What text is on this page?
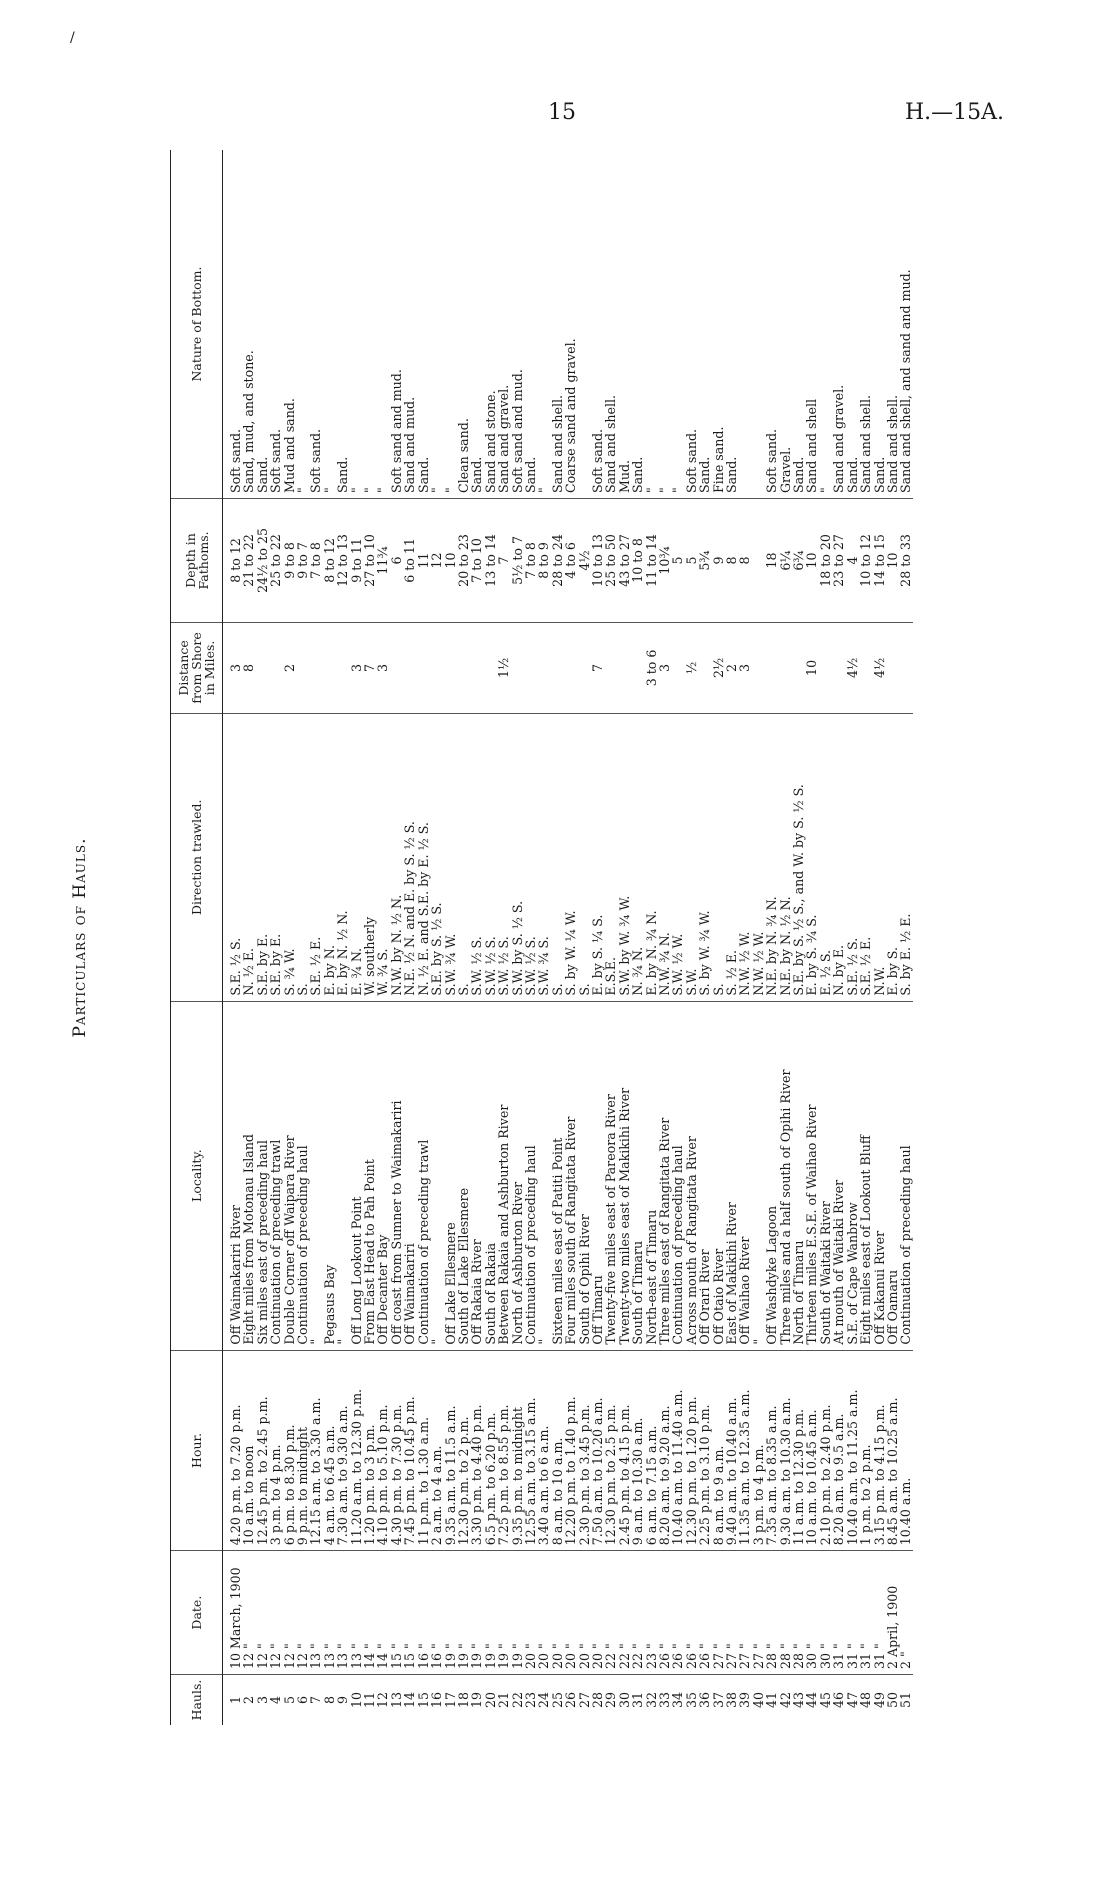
/
15	H.—15A.
Particulars of Hauls.
Hauls.	Date.	Hour.	Locality.	Direction trawled.	Distance from Shore in Miles.	Depth in Fathoms.	Nature of Bottom.
1	10 March, 1900	4.20 p.m. to 7.20 p.m.	Off Waimakariri River	S.E. ½ S.	3	8 to 12	Soft sand.
2	12 "	10 a.m. to noon	Eight miles from Motonau Island	N. ½ E.	8	21 to 22	Sand, mud, and stone.
3	12 "	12.45 p.m. to 2.45 p.m.	Six miles east of preceding haul	S.E. by E.		24½ to 25	Sand.
4	12 "	3 p.m. to 4 p.m.	Continuation of preceding trawl	S.E. by E.		25 to 22	Soft sand.
5	12 "	6 p.m. to 8.30 p.m.	Double Corner off Waipara River	S. ¾ W.	2	9 to 8	Mud and sand.
6	12 "	9 p.m. to midnight	Continuation of preceding haul	S.		9 to 7	"
7	13 "	12.15 a.m. to 3.30 a.m.	"	S.E. ½ E.		7 to 8	Soft sand.
8	13 "	4 a.m. to 6.45 a.m.	Pegasus Bay	E. by N.		8 to 12	"
9	13 "	7.30 a.m. to 9.30 a.m.	"	E. by N. ½ N.		12 to 13	Sand.
10	13 "	11.20 a.m. to 12.30 p.m.	Off Long Lookout Point	E. ¾ N.	3	9 to 11	"
11	14 "	1.20 p.m. to 3 p.m.	From East Head to Pah Point	W. southerly	7	27 to 10	"
12	14 "	4.10 p.m. to 5.10 p.m.	Off Decanter Bay	W. ¾ S.	3	11¾	"
13	15 "	4.30 p.m. to 7.30 p.m.	Off coast from Sumner to Waimakariri	N.W. by N. ½ N.		6	Soft sand and mud.
14	15 "	7.45 p.m. to 10.45 p.m.	Off Waimakariri	N.E. ½ N. and E. by S. ½ S.		6 to 11	Sand and mud.
15	16 "	11 p.m. to 1.30 a.m.	Continuation of preceding trawl	N. ½ E. and S.E. by E. ½ S.		11	Sand.
16	16 "	2 a.m. to 4 a.m.	"	S.E. by S. ½ S.		12	"
17	19 "	9.35 a.m. to 11.5 a.m.	Off Lake Ellesmere	S.W. ¾ W.		10	"
18	19 "	12.30 p.m. to 2 p.m.	South of Lake Ellesmere	S.		20 to 23	Clean sand.
19	19 "	3.30 p.m. to 4.40 p.m.	Off Rakaia River	S.W. ½ S.		7 to 10	Sand.
20	19 "	6.5 p.m. to 6.20 p.m.	South of Rakaia	S.W. ½ S.		13 to 14	Sand and stone.
21	19 "	7.25 p.m. to 8.55 p.m.	Between Rakaia and Ashburton River	S.W. ½ S.	1½	7	Sand and gravel.
22	19 "	9.35 p.m. to midnight	North of Ashburton River	S.W. by S. ½ S.		5½ to 7	Soft sand and mud.
23	20 "	12.55 a.m. to 3.15 a.m.	Continuation of preceding haul	S.W. ½ S.		7 to 8	Sand.
24	20 "	3.40 a.m. to 6 a.m.	"	S.W. ¾ S.		8 to 9	"
25	20 "	8 a.m. to 10 a.m.	Sixteen miles east of Patiti Point	S.		28 to 24	Sand and shell.
26	20 "	12.20 p.m. to 1.40 p.m.	Four miles south of Rangitata River	S. by W. ¼ W.		4 to 6	Coarse sand and gravel.
27	20 "	2.30 p.m. to 3.45 p.m.	South of Opihi River	S.		4½	
28	20 "	7.50 a.m. to 10.20 a.m.	Off Timaru	E. by S. ¼ S.	7	10 to 13	Soft sand.
29	22 "	12.30 p.m. to 2.5 p.m.	Twenty-five miles east of Pareora River	E.S.E.		25 to 50	Sand and shell.
30	22 "	2.45 p.m. to 4.15 p.m.	Twenty-two miles east of Makikihi River	S.W. by W. ¾ W.		43 to 27	Mud.
31	22 "	9 a.m. to 10.30 a.m.	South of Timaru	N. ¾ N.		10 to 8	Sand.
32	23 "	6 a.m. to 7.15 a.m.	North-east of Timaru	E. by N. ¾ N.	3 to 6	11 to 14	"
33	26 "	8.20 a.m. to 9.20 a.m.	Three miles east of Rangitata River	N.W. ¾ N.	3	10¾	"
34	26 "	10.40 a.m. to 11.40 a.m.	Continuation of preceding haul	S.W. ½ W.		5	"
35	26 "	12.30 p.m. to 1.20 p.m.	Across mouth of Rangitata River	S.W.	½	5	Soft sand.
36	26 "	2.25 p.m. to 3.10 p.m.	Off Orari River	S. by W. ¾ W.		5¾	Sand.
37	27 "	8 a.m. to 9 a.m.	Off Otaio River	S.	2½	9	Fine sand.
38	27 "	9.40 a.m. to 10.40 a.m.	East of Makikihi River	S. ½ E.	2	8	Sand.
39	27 "	11.35 a.m. to 12.35 a.m.	Off Waihao River	N.W. ½ W.	3	8	
40	27 "	3 p.m. to 4 p.m.	"	N.W. ½ W.			
41	28 "	7.35 a.m. to 8.35 a.m.	Off Washdyke Lagoon	N.E. by N. ¾ N.		18	Soft sand.
42	28 "	9.30 a.m. to 10.30 a.m.	Three miles and a half south of Opihi River	N.E. by N. ½ N.		6¼	Gravel.
43	28 "	11 a.m. to 12.30 p.m.	North of Timaru	S.E. by S. ½ S., and W. by S. ½ S.		6¾	Sand.
44	30 "	10 a.m. to 10.45 a.m.	Thirteen miles E.S.E. of Waihao River	E. by S. ¾ S.	10	10	Sand and shell
45	30 "	2.10 p.m. to 2.40 p.m.	South of Waitaki River	E. ½ S.		18 to 20	"
46	31 "	8.20 a.m. to 9.5 a.m.	At mouth of Waitaki River	N. by E.		23 to 27	Sand and gravel.
47	31 "	10.40 a.m. to 11.25 a.m.	S.E. of Cape Wanbrow	S.E. ½ S.	4½	4	Sand.
48	31 "	1 p.m. to 2 p.m.	Eight miles east of Lookout Bluff	S.E. ½ E.		10 to 12	Sand and shell.
49	31 "	3.15 p.m. to 4.15 p.m.	Off Kakanui River	N.W.	4½	14 to 15	Sand.
50	2 April, 1900	8.45 a.m. to 10.25 a.m.	Off Oamaru	E. by S.		10	Sand and shell.
51	2 "	10.40 a.m.	Continuation of preceding haul	S. by E. ½ E.		28 to 33	Sand and shell, and sand and mud.
